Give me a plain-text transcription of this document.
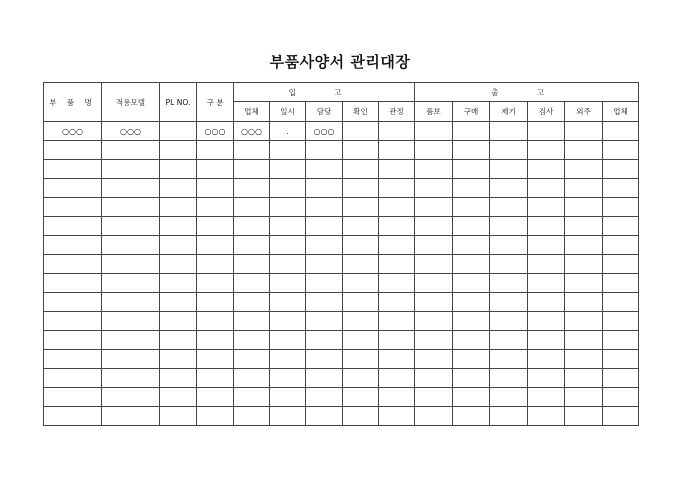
부품사양서 관리대장
부 품 명	적용모델	PL NO.	구 분	입 고					출 고					
				업체	일시	담당	확인	관정	품보	구매	제기	검사	외주	업체
○○○	○○○		○○○	○○○	.	○○○								
